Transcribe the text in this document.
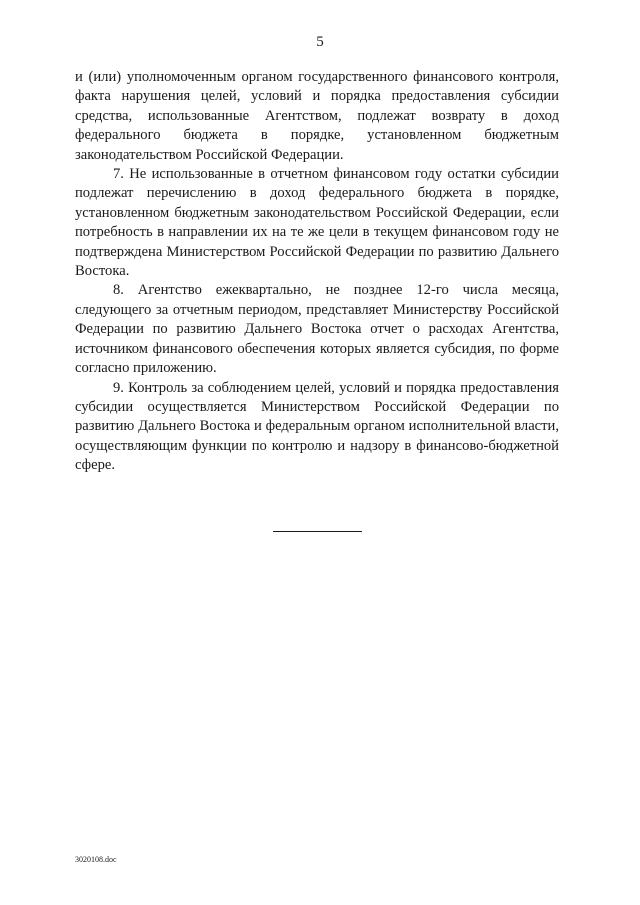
5

и (или) уполномоченным органом государственного финансового контроля, факта нарушения целей, условий и порядка предоставления субсидии средства, использованные Агентством, подлежат возврату в доход федерального бюджета в порядке, установленном бюджетным законодательством Российской Федерации.

7. Не использованные в отчетном финансовом году остатки субсидии подлежат перечислению в доход федерального бюджета в порядке, установленном бюджетным законодательством Российской Федерации, если потребность в направлении их на те же цели в текущем финансовом году не подтверждена Министерством Российской Федерации по развитию Дальнего Востока.

8. Агентство ежеквартально, не позднее 12-го числа месяца, следующего за отчетным периодом, представляет Министерству Российской Федерации по развитию Дальнего Востока отчет о расходах Агентства, источником финансового обеспечения которых является субсидия, по форме согласно приложению.

9. Контроль за соблюдением целей, условий и порядка предоставления субсидии осуществляется Министерством Российской Федерации по развитию Дальнего Востока и федеральным органом исполнительной власти, осуществляющим функции по контролю и надзору в финансово-бюджетной сфере.

3020108.doc
